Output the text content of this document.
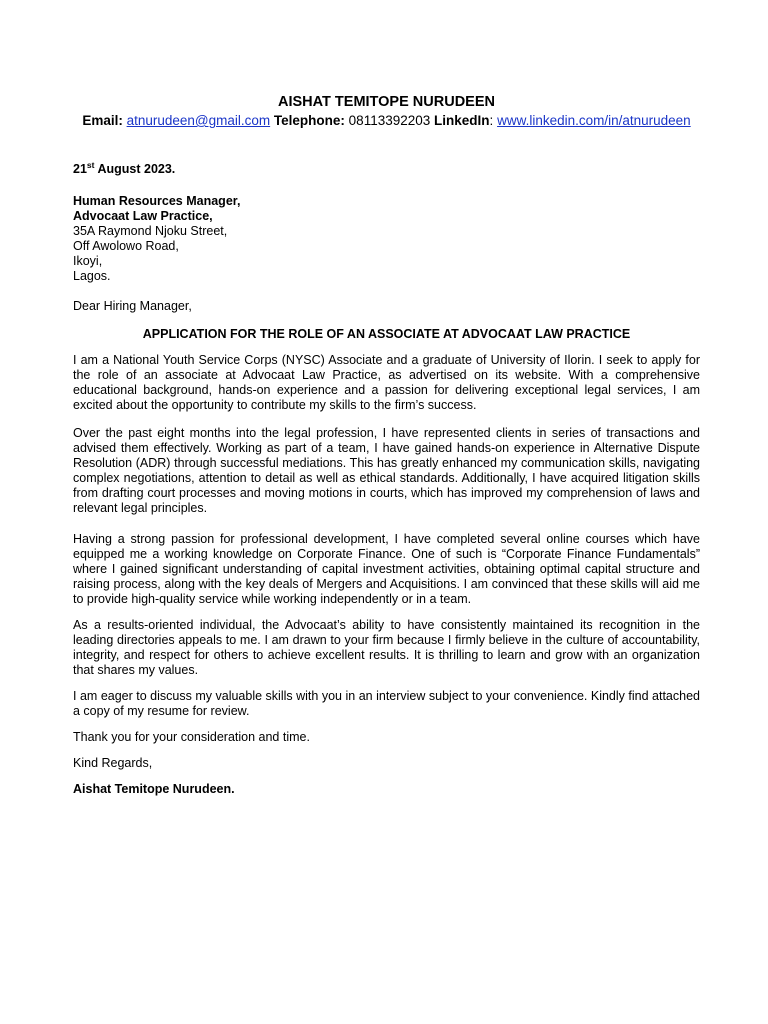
AISHAT TEMITOPE NURUDEEN

Email: atnurudeen@gmail.com Telephone: 08113392203 LinkedIn: www.linkedin.com/in/atnurudeen

21st August 2023.

Human Resources Manager,
Advocaat Law Practice,
35A Raymond Njoku Street,
Off Awolowo Road,
Ikoyi,
Lagos.
Dear Hiring Manager,
APPLICATION FOR THE ROLE OF AN ASSOCIATE AT ADVOCAAT LAW PRACTICE

I am a National Youth Service Corps (NYSC) Associate and a graduate of University of Ilorin. I seek to apply for the role of an associate at Advocaat Law Practice, as advertised on its website. With a comprehensive educational background, hands-on experience and a passion for delivering exceptional legal services, I am excited about the opportunity to contribute my skills to the firm’s success.

Over the past eight months into the legal profession, I have represented clients in series of transactions and advised them effectively. Working as part of a team, I have gained hands-on experience in Alternative Dispute Resolution (ADR) through successful mediations. This has greatly enhanced my communication skills, navigating complex negotiations, attention to detail as well as ethical standards. Additionally, I have acquired litigation skills from drafting court processes and moving motions in courts, which has improved my comprehension of laws and relevant legal principles.

Having a strong passion for professional development, I have completed several online courses which have equipped me a working knowledge on Corporate Finance. One of such is “Corporate Finance Fundamentals” where I gained significant understanding of capital investment activities, obtaining optimal capital structure and raising process, along with the key deals of Mergers and Acquisitions. I am convinced that these skills will aid me to provide high-quality service while working independently or in a team.

As a results-oriented individual, the Advocaat’s ability to have consistently maintained its recognition in the leading directories appeals to me. I am drawn to your firm because I firmly believe in the culture of accountability, integrity, and respect for others to achieve excellent results. It is thrilling to learn and grow with an organization that shares my values.

I am eager to discuss my valuable skills with you in an interview subject to your convenience. Kindly find attached a copy of my resume for review.

Thank you for your consideration and time.
Kind Regards,
Aishat Temitope Nurudeen.
